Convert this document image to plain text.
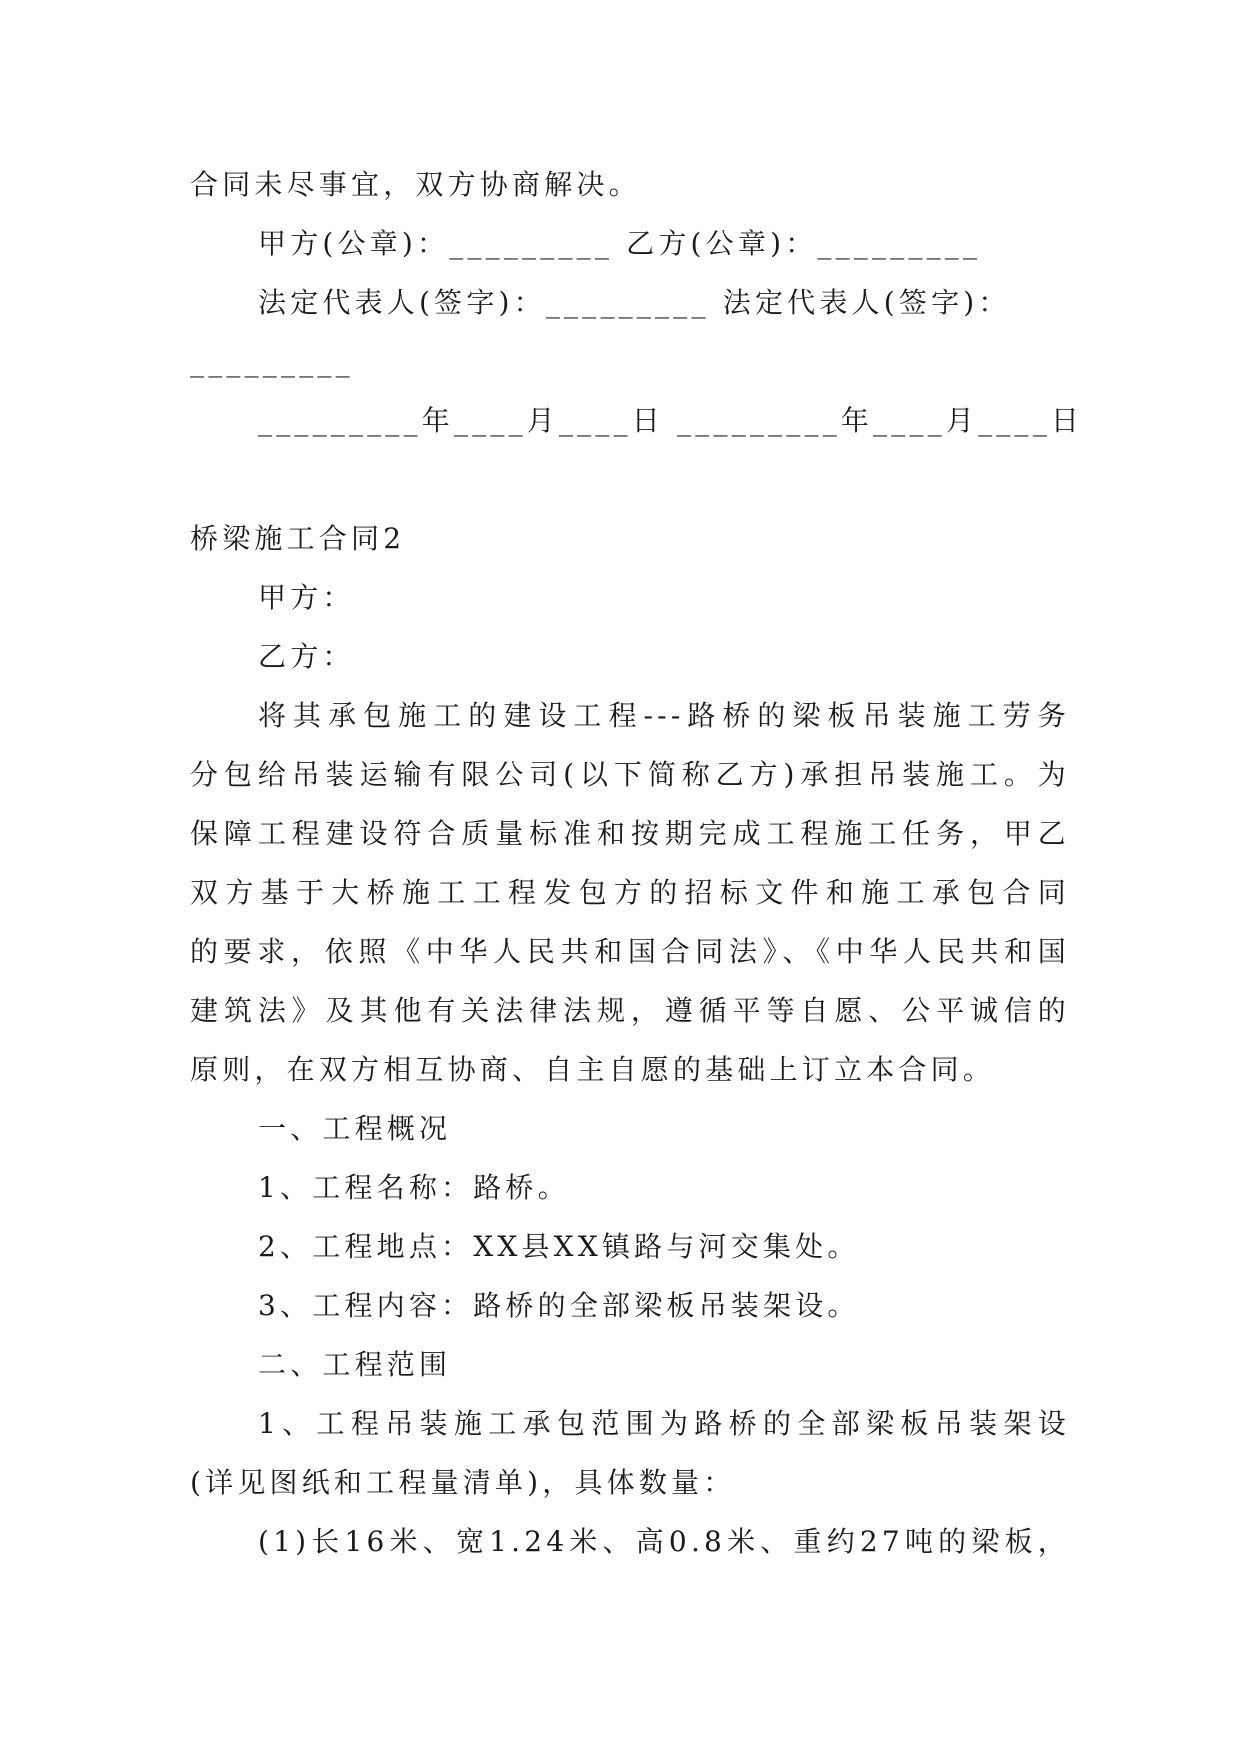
合同未尽事宜，双方协商解决。

甲方(公章)：_________ 乙方(公章)：_________

法定代表人(签字)：_________ 法定代表人(签字)：

_________

_________年____月____日 _________年____月____日

桥梁施工合同2

甲方：

乙方：

将其承包施工的建设工程---路桥的梁板吊装施工劳务

分包给吊装运输有限公司(以下简称乙方)承担吊装施工。为

保障工程建设符合质量标准和按期完成工程施工任务，甲乙

双方基于大桥施工工程发包方的招标文件和施工承包合同

的要求，依照《中华人民共和国合同法》、《中华人民共和国

建筑法》及其他有关法律法规，遵循平等自愿、公平诚信的

原则，在双方相互协商、自主自愿的基础上订立本合同。

一、工程概况

1、工程名称：路桥。

2、工程地点：XX县XX镇路与河交集处。

3、工程内容：路桥的全部梁板吊装架设。

二、工程范围

1、工程吊装施工承包范围为路桥的全部梁板吊装架设

(详见图纸和工程量清单)，具体数量：

(1)长16米、宽1.24米、高0.8米、重约27吨的梁板，
